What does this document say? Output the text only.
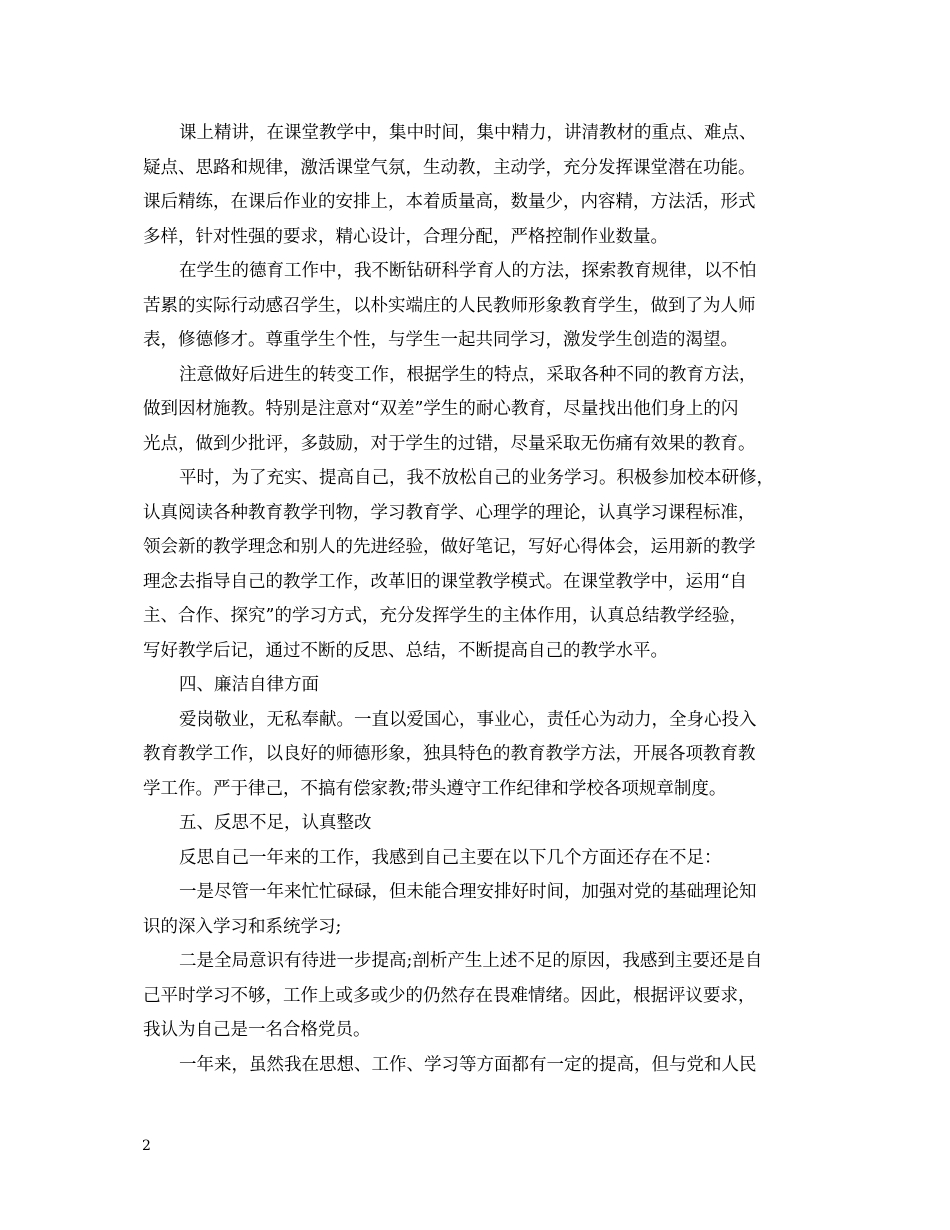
课上精讲，在课堂教学中，集中时间，集中精力，讲清教材的重点、难点、
疑点、思路和规律，激活课堂气氛，生动教，主动学，充分发挥课堂潜在功能。
课后精练，在课后作业的安排上，本着质量高，数量少，内容精，方法活，形式
多样，针对性强的要求，精心设计，合理分配，严格控制作业数量。
在学生的德育工作中，我不断钻研科学育人的方法，探索教育规律，以不怕
苦累的实际行动感召学生，以朴实端庄的人民教师形象教育学生，做到了为人师
表，修德修才。尊重学生个性，与学生一起共同学习，激发学生创造的渴望。
注意做好后进生的转变工作，根据学生的特点，采取各种不同的教育方法，
做到因材施教。特别是注意对“双差”学生的耐心教育，尽量找出他们身上的闪
光点，做到少批评，多鼓励，对于学生的过错，尽量采取无伤痛有效果的教育。
平时，为了充实、提高自己，我不放松自己的业务学习。积极参加校本研修，
认真阅读各种教育教学刊物，学习教育学、心理学的理论，认真学习课程标准，
领会新的教学理念和别人的先进经验，做好笔记，写好心得体会，运用新的教学
理念去指导自己的教学工作，改革旧的课堂教学模式。在课堂教学中，运用“自
主、合作、探究”的学习方式，充分发挥学生的主体作用，认真总结教学经验，
写好教学后记，通过不断的反思、总结，不断提高自己的教学水平。
四、廉洁自律方面
爱岗敬业，无私奉献。一直以爱国心，事业心，责任心为动力，全身心投入
教育教学工作，以良好的师德形象，独具特色的教育教学方法，开展各项教育教
学工作。严于律己，不搞有偿家教;带头遵守工作纪律和学校各项规章制度。
五、反思不足，认真整改
反思自己一年来的工作，我感到自己主要在以下几个方面还存在不足：
一是尽管一年来忙忙碌碌，但未能合理安排好时间，加强对党的基础理论知
识的深入学习和系统学习;
二是全局意识有待进一步提高;剖析产生上述不足的原因，我感到主要还是自
己平时学习不够，工作上或多或少的仍然存在畏难情绪。因此，根据评议要求，
我认为自己是一名合格党员。
一年来，虽然我在思想、工作、学习等方面都有一定的提高，但与党和人民
2
